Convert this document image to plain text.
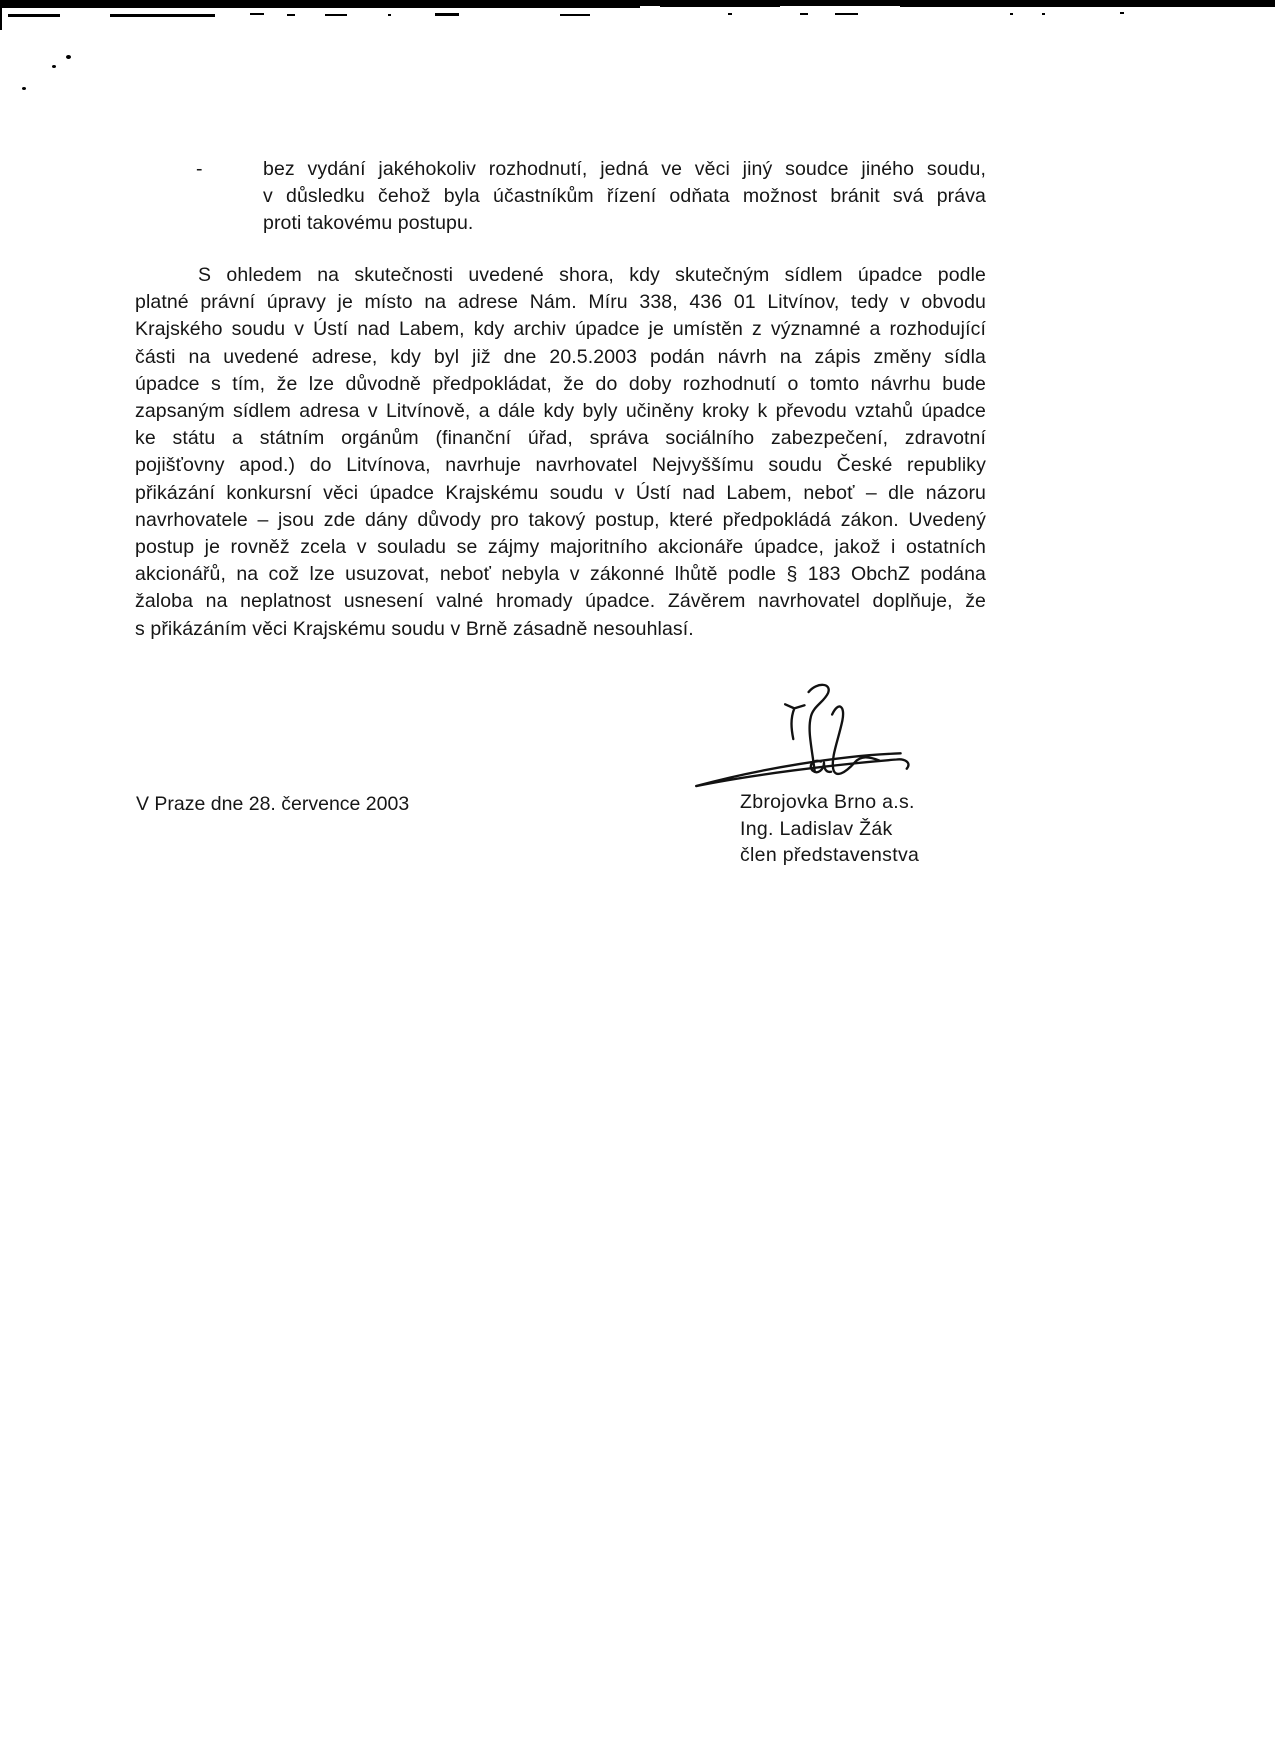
-	bez vydání jakéhokoliv rozhodnutí, jedná ve věci jiný soudce jiného soudu,
v důsledku čehož byla účastníkům řízení odňata možnost bránit svá práva
proti takovému postupu.
S ohledem na skutečnosti uvedené shora, kdy skutečným sídlem úpadce podle
platné právní úpravy je místo na adrese Nám. Míru 338, 436 01 Litvínov, tedy v obvodu
Krajského soudu v Ústí nad Labem, kdy archiv úpadce je umístěn z významné a rozhodující
části na uvedené adrese, kdy byl již dne 20.5.2003 podán návrh na zápis změny sídla
úpadce s tím, že lze důvodně předpokládat, že do doby rozhodnutí o tomto návrhu bude
zapsaným sídlem adresa v Litvínově, a dále kdy byly učiněny kroky k převodu vztahů úpadce
ke státu a státním orgánům (finanční úřad, správa sociálního zabezpečení, zdravotní
pojišťovny apod.) do Litvínova, navrhuje navrhovatel Nejvyššímu soudu České republiky
přikázání konkursní věci úpadce Krajskému soudu v Ústí nad Labem, neboť – dle názoru
navrhovatele – jsou zde dány důvody pro takový postup, které předpokládá zákon. Uvedený
postup je rovněž zcela v souladu se zájmy majoritního akcionáře úpadce, jakož i ostatních
akcionářů, na což lze usuzovat, neboť nebyla v zákonné lhůtě podle § 183 ObchZ podána
žaloba na neplatnost usnesení valné hromady úpadce. Závěrem navrhovatel doplňuje, že
s přikázáním věci Krajskému soudu v Brně zásadně nesouhlasí.
V Praze dne 28. července 2003	Zbrojovka Brno a.s.
Ing. Ladislav Žák
člen představenstva
